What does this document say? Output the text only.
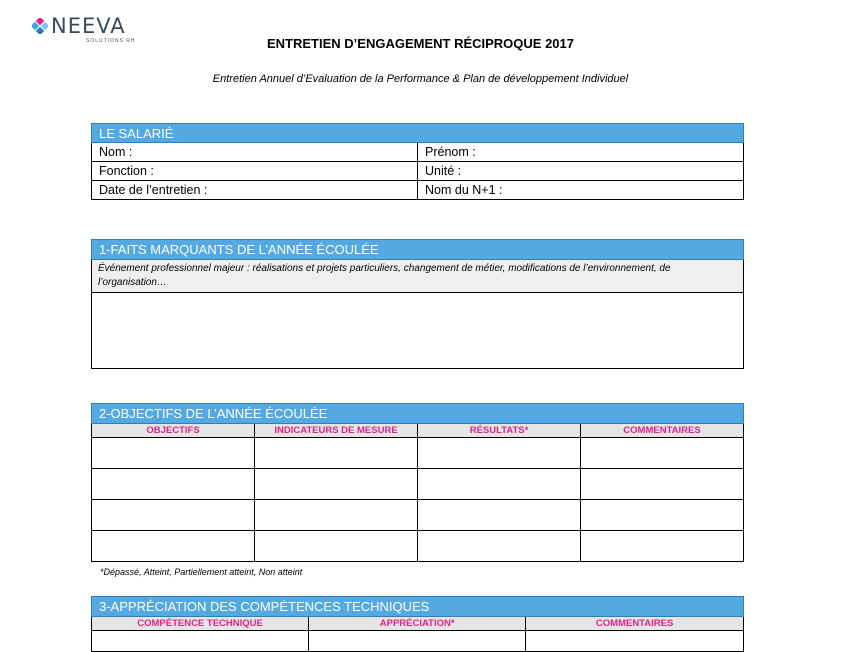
NEEVA
SOLUTIONS RH	ENTRETIEN D’ENGAGEMENT RÉCIPROQUE 2017
Entretien Annuel d’Evaluation de la Performance & Plan de développement Individuel
LE SALARIÉ	
Nom :	Prénom :
Fonction :	Unité :
Date de l’entretien :	Nom du N+1 :
1-FAITS MARQUANTS DE L’ANNÉE ÉCOULÉE
Événement professionnel majeur : réalisations et projets particuliers, changement de métier, modifications de l’environnement, de l’organisation…

2-OBJECTIFS DE L’ANNÉE ÉCOULÉE			
OBJECTIFS	INDICATEURS DE MESURE	RÉSULTATS*	COMMENTAIRES

*Dépassé, Atteint, Partiellement atteint, Non atteint
3-APPRÉCIATION DES COMPÉTENCES TECHNIQUES		
COMPÉTENCE TECHNIQUE	APPRÉCIATION*	COMMENTAIRES
